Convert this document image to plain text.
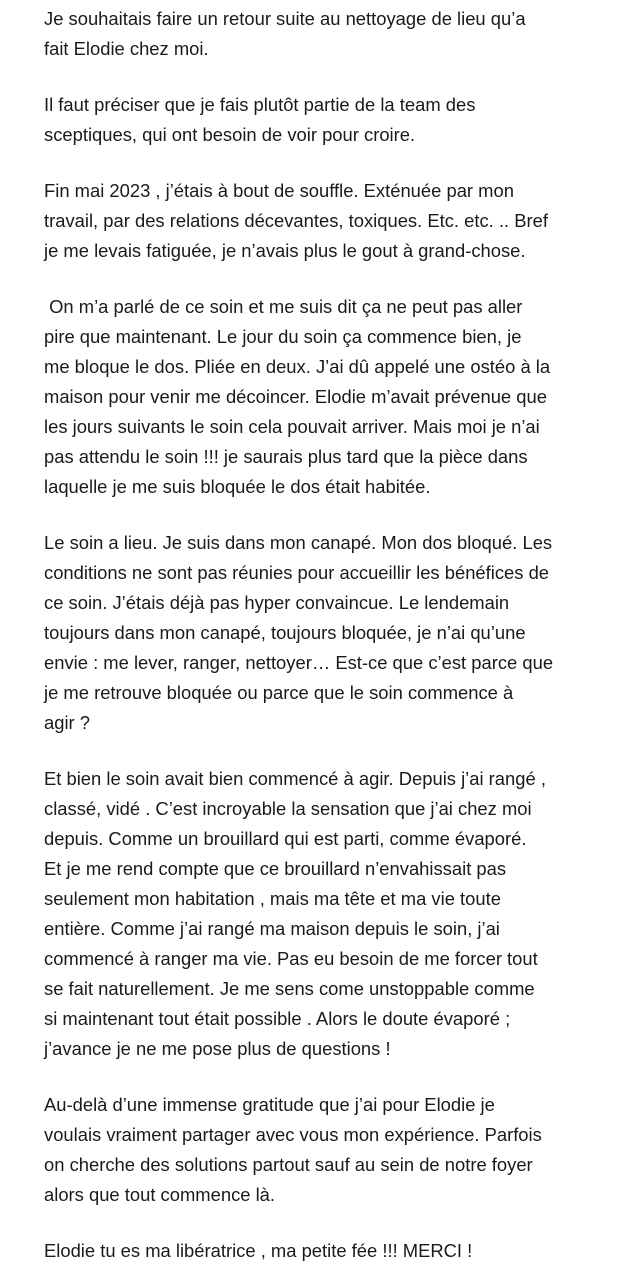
Je souhaitais faire un retour suite au nettoyage de lieu qu’a
fait Elodie chez moi.

Il faut préciser que je fais plutôt partie de la team des
sceptiques, qui ont besoin de voir pour croire.

Fin mai 2023 , j’étais à bout de souffle. Exténuée par mon
travail, par des relations décevantes, toxiques. Etc. etc. .. Bref
je me levais fatiguée, je n’avais plus le gout à grand-chose.

On m’a parlé de ce soin et me suis dit ça ne peut pas aller
pire que maintenant. Le jour du soin ça commence bien, je
me bloque le dos. Pliée en deux. J’ai dû appelé une ostéo à la
maison pour venir me décoincer. Elodie m’avait prévenue que
les jours suivants le soin cela pouvait arriver. Mais moi je n’ai
pas attendu le soin !!! je saurais plus tard que la pièce dans
laquelle je me suis bloquée le dos était habitée.

Le soin a lieu. Je suis dans mon canapé. Mon dos bloqué. Les
conditions ne sont pas réunies pour accueillir les bénéfices de
ce soin. J’étais déjà pas hyper convaincue. Le lendemain
toujours dans mon canapé, toujours bloquée, je n’ai qu’une
envie : me lever, ranger, nettoyer… Est-ce que c’est parce que
je me retrouve bloquée ou parce que le soin commence à
agir ?

Et bien le soin avait bien commencé à agir. Depuis j’ai rangé ,
classé, vidé . C’est incroyable la sensation que j’ai chez moi
depuis. Comme un brouillard qui est parti, comme évaporé.
Et je me rend compte que ce brouillard n’envahissait pas
seulement mon habitation , mais ma tête et ma vie toute
entière. Comme j’ai rangé ma maison depuis le soin, j’ai
commencé à ranger ma vie. Pas eu besoin de me forcer tout
se fait naturellement. Je me sens come unstoppable comme
si maintenant tout était possible . Alors le doute évaporé ;
j’avance je ne me pose plus de questions !

Au-delà d’une immense gratitude que j’ai pour Elodie je
voulais vraiment partager avec vous mon expérience. Parfois
on cherche des solutions partout sauf au sein de notre foyer
alors que tout commence là.

Elodie tu es ma libératrice , ma petite fée !!! MERCI !
